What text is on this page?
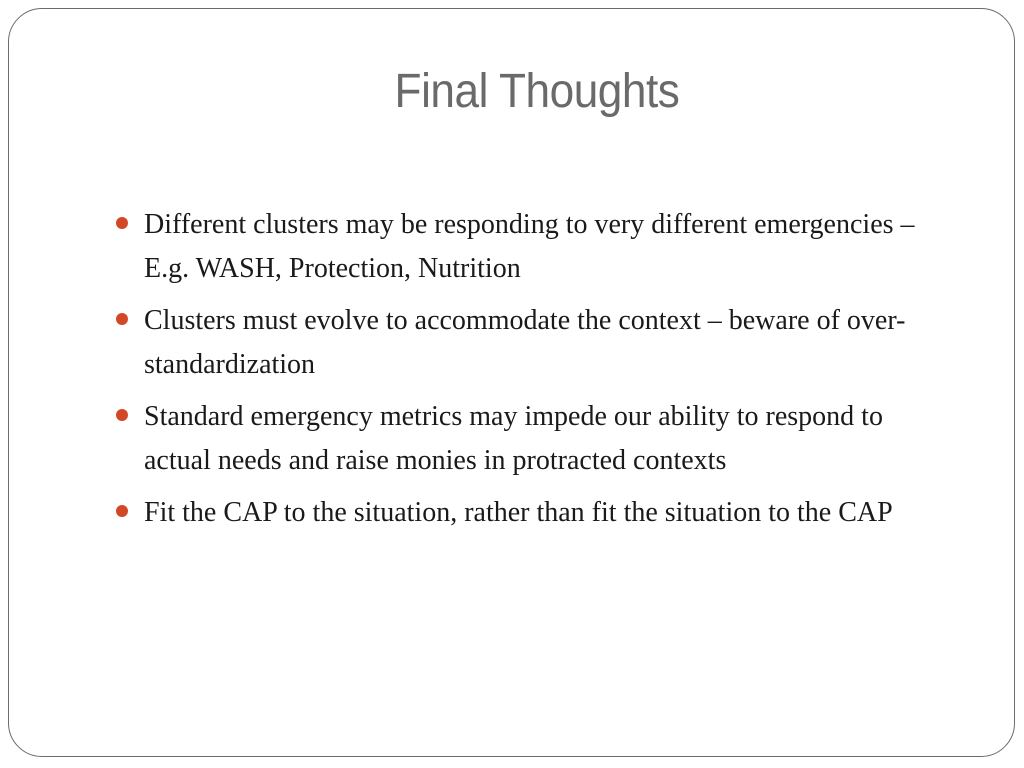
Final Thoughts
Different clusters may be responding to very different emergencies – E.g. WASH, Protection, Nutrition
Clusters must evolve to accommodate the context – beware of over-standardization
Standard emergency metrics may impede our ability to respond to actual needs and raise monies in protracted contexts
Fit the CAP to the situation, rather than fit the situation to the CAP
